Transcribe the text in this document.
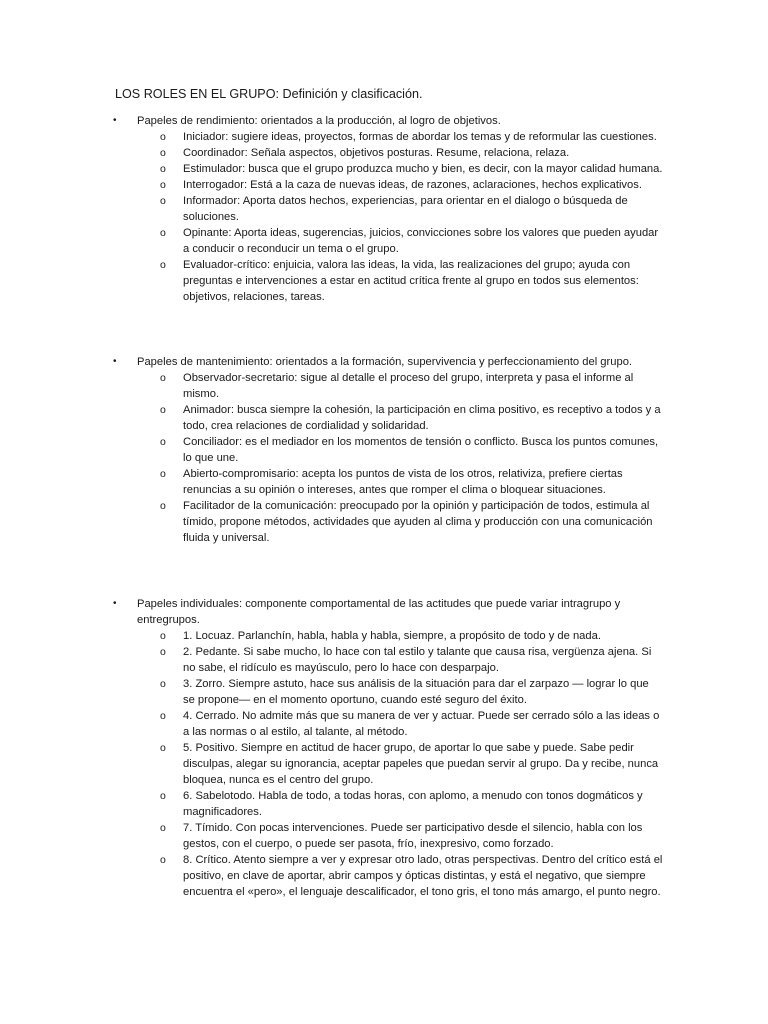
LOS ROLES EN EL GRUPO: Definición y clasificación.
• Papeles de rendimiento: orientados a la producción, al logro de objetivos.
o Iniciador: sugiere ideas, proyectos, formas de abordar los temas y de reformular las cuestiones.
o Coordinador: Señala aspectos, objetivos posturas. Resume, relaciona, relaza.
o Estimulador: busca que el grupo produzca mucho y bien, es decir, con la mayor calidad humana.
o Interrogador: Está a la caza de nuevas ideas, de razones, aclaraciones, hechos explicativos.
o Informador: Aporta datos hechos, experiencias, para orientar en el dialogo o búsqueda de soluciones.
o Opinante: Aporta ideas, sugerencias, juicios, convicciones sobre los valores que pueden ayudar a conducir o reconducir un tema o el grupo.
o Evaluador-crítico: enjuicia, valora las ideas, la vida, las realizaciones del grupo; ayuda con preguntas e intervenciones a estar en actitud crítica frente al grupo en todos sus elementos: objetivos, relaciones, tareas.
• Papeles de mantenimiento: orientados a la formación, supervivencia y perfeccionamiento del grupo.
o Observador-secretario: sigue al detalle el proceso del grupo, interpreta y pasa el informe al mismo.
o Animador: busca siempre la cohesión, la participación en clima positivo, es receptivo a todos y a todo, crea relaciones de cordialidad y solidaridad.
o Conciliador: es el mediador en los momentos de tensión o conflicto. Busca los puntos comunes, lo que une.
o Abierto-compromisario: acepta los puntos de vista de los otros, relativiza, prefiere ciertas renuncias a su opinión o intereses, antes que romper el clima o bloquear situaciones.
o Facilitador de la comunicación: preocupado por la opinión y participación de todos, estimula al tímido, propone métodos, actividades que ayuden al clima y producción con una comunicación fluida y universal.
• Papeles individuales: componente comportamental de las actitudes que puede variar intragrupo y entregrupos.
o 1. Locuaz. Parlanchín, habla, habla y habla, siempre, a propósito de todo y de nada.
o 2. Pedante. Si sabe mucho, lo hace con tal estilo y talante que causa risa, vergüenza ajena. Si no sabe, el ridículo es mayúsculo, pero lo hace con desparpajo.
o 3. Zorro. Siempre astuto, hace sus análisis de la situación para dar el zarpazo — lograr lo que se propone— en el momento oportuno, cuando esté seguro del éxito.
o 4. Cerrado. No admite más que su manera de ver y actuar. Puede ser cerrado sólo a las ideas o a las normas o al estilo, al talante, al método.
o 5. Positivo. Siempre en actitud de hacer grupo, de aportar lo que sabe y puede. Sabe pedir disculpas, alegar su ignorancia, aceptar papeles que puedan servir al grupo. Da y recibe, nunca bloquea, nunca es el centro del grupo.
o 6. Sabelotodo. Habla de todo, a todas horas, con aplomo, a menudo con tonos dogmáticos y magnificadores.
o 7. Tímido. Con pocas intervenciones. Puede ser participativo desde el silencio, habla con los gestos, con el cuerpo, o puede ser pasota, frío, inexpresivo, como forzado.
o 8. Crítico. Atento siempre a ver y expresar otro lado, otras perspectivas. Dentro del crítico está el positivo, en clave de aportar, abrir campos y ópticas distintas, y está el negativo, que siempre encuentra el «pero», el lenguaje descalificador, el tono gris, el tono más amargo, el punto negro.
